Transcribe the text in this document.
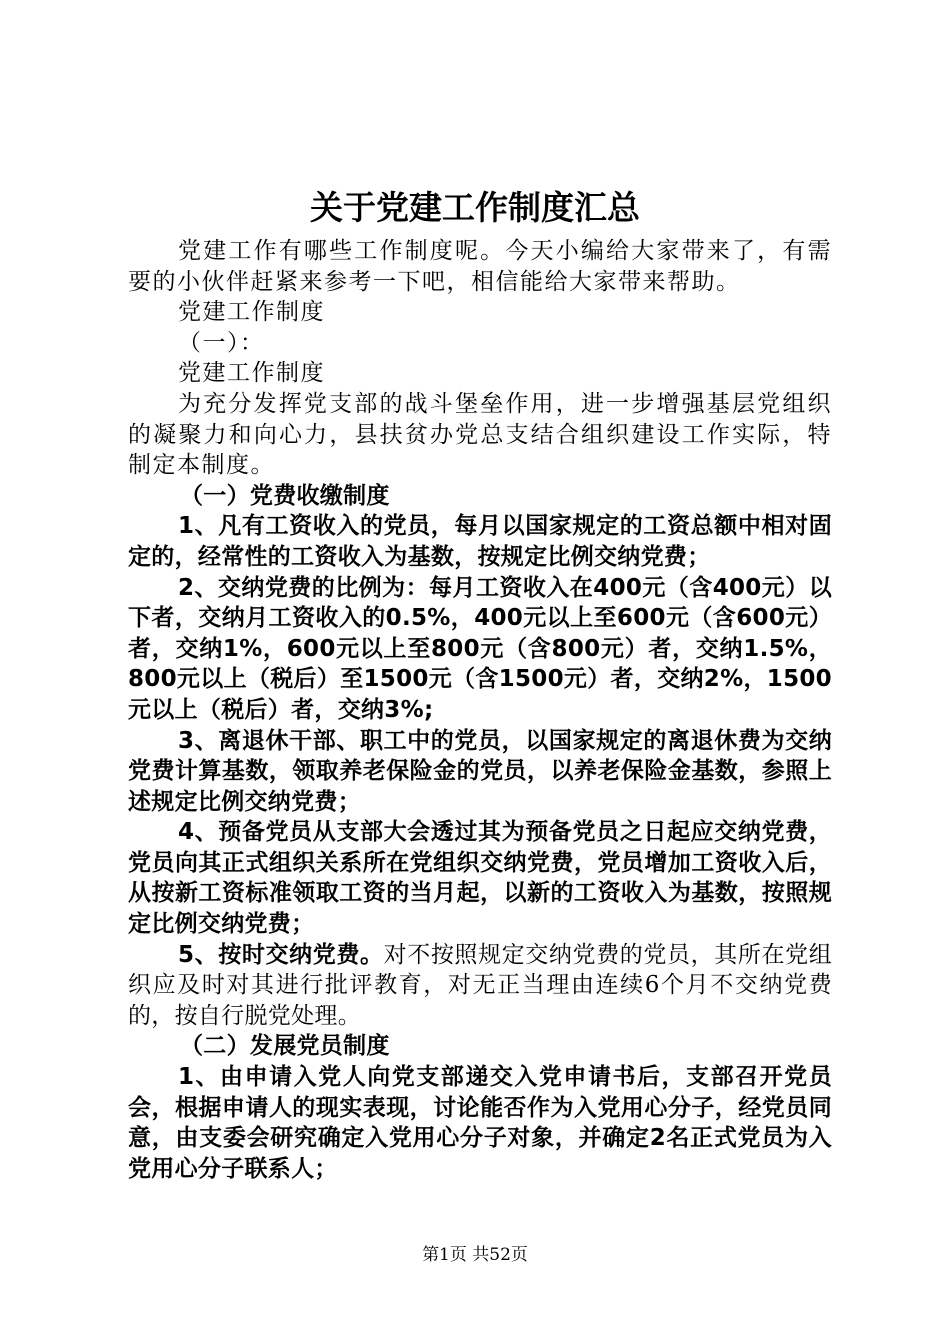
关于党建工作制度汇总

党建工作有哪些工作制度呢。今天小编给大家带来了，有需要的小伙伴赶紧来参考一下吧，相信能给大家带来帮助。

党建工作制度

（一）：

党建工作制度

为充分发挥党支部的战斗堡垒作用，进一步增强基层党组织的凝聚力和向心力，县扶贫办党总支结合组织建设工作实际，特制定本制度。

（一）党费收缴制度

1、凡有工资收入的党员，每月以国家规定的工资总额中相对固定的，经常性的工资收入为基数，按规定比例交纳党费；

2、交纳党费的比例为：每月工资收入在400元（含400元）以下者，交纳月工资收入的0.5%，400元以上至600元（含600元）者，交纳1%，600元以上至800元（含800元）者，交纳1.5%，800元以上（税后）至1500元（含1500元）者，交纳2%，1500元以上（税后）者，交纳3%;

3、离退休干部、职工中的党员，以国家规定的离退休费为交纳党费计算基数，领取养老保险金的党员，以养老保险金基数，参照上述规定比例交纳党费；

4、预备党员从支部大会透过其为预备党员之日起应交纳党费，党员向其正式组织关系所在党组织交纳党费，党员增加工资收入后，从按新工资标准领取工资的当月起，以新的工资收入为基数，按照规定比例交纳党费；

5、按时交纳党费。对不按照规定交纳党费的党员，其所在党组织应及时对其进行批评教育，对无正当理由连续6个月不交纳党费的，按自行脱党处理。

（二）发展党员制度

1、由申请入党人向党支部递交入党申请书后，支部召开党员会，根据申请人的现实表现，讨论能否作为入党用心分子，经党员同意，由支委会研究确定入党用心分子对象，并确定2名正式党员为入党用心分子联系人；

第1页 共52页
